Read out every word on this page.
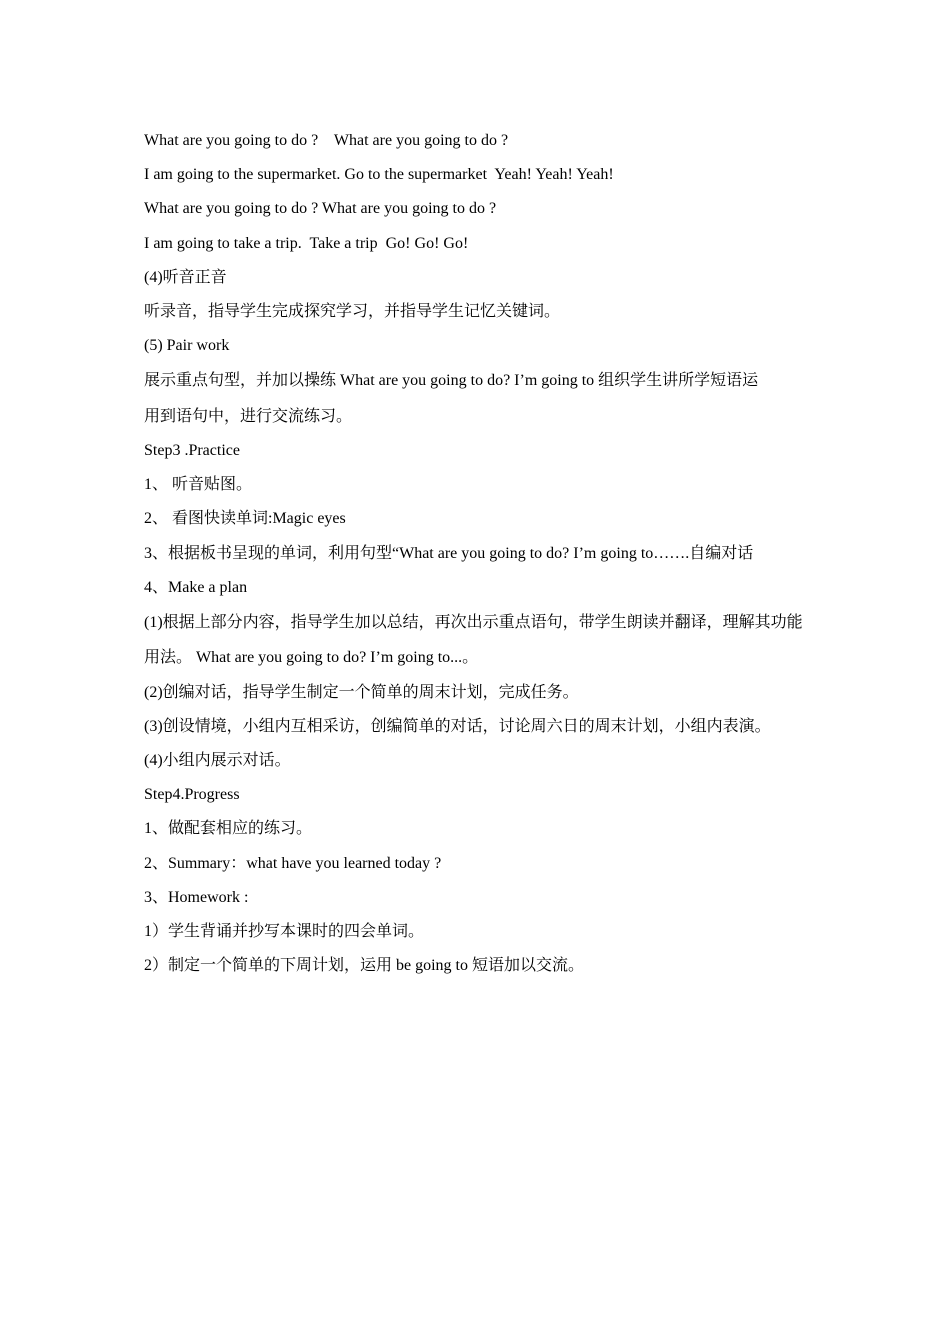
What are you going to do ?    What are you going to do ?

I am going to the supermarket. Go to the supermarket  Yeah! Yeah! Yeah!

What are you going to do ? What are you going to do ?

I am going to take a trip.  Take a trip  Go! Go! Go!

(4)听音正音

听录音，指导学生完成探究学习，并指导学生记忆关键词。

(5) Pair work

展示重点句型，并加以操练 What are you going to do? I’m going to 组织学生讲所学短语运

用到语句中，进行交流练习。

Step3 .Practice

1、 听音贴图。

2、 看图快读单词:Magic eyes

3、根据板书呈现的单词，利用句型“What are you going to do? I’m going to…….自编对话

4、Make a plan

(1)根据上部分内容，指导学生加以总结，再次出示重点语句，带学生朗读并翻译，理解其功能

用法。 What are you going to do? I’m going to...。

(2)创编对话，指导学生制定一个简单的周末计划，完成任务。

(3)创设情境，小组内互相采访，创编简单的对话，讨论周六日的周末计划，小组内表演。

(4)小组内展示对话。

Step4.Progress

1、做配套相应的练习。

2、Summary：what have you learned today ?

3、Homework :

1）学生背诵并抄写本课时的四会单词。

2）制定一个简单的下周计划，运用 be going to 短语加以交流。
